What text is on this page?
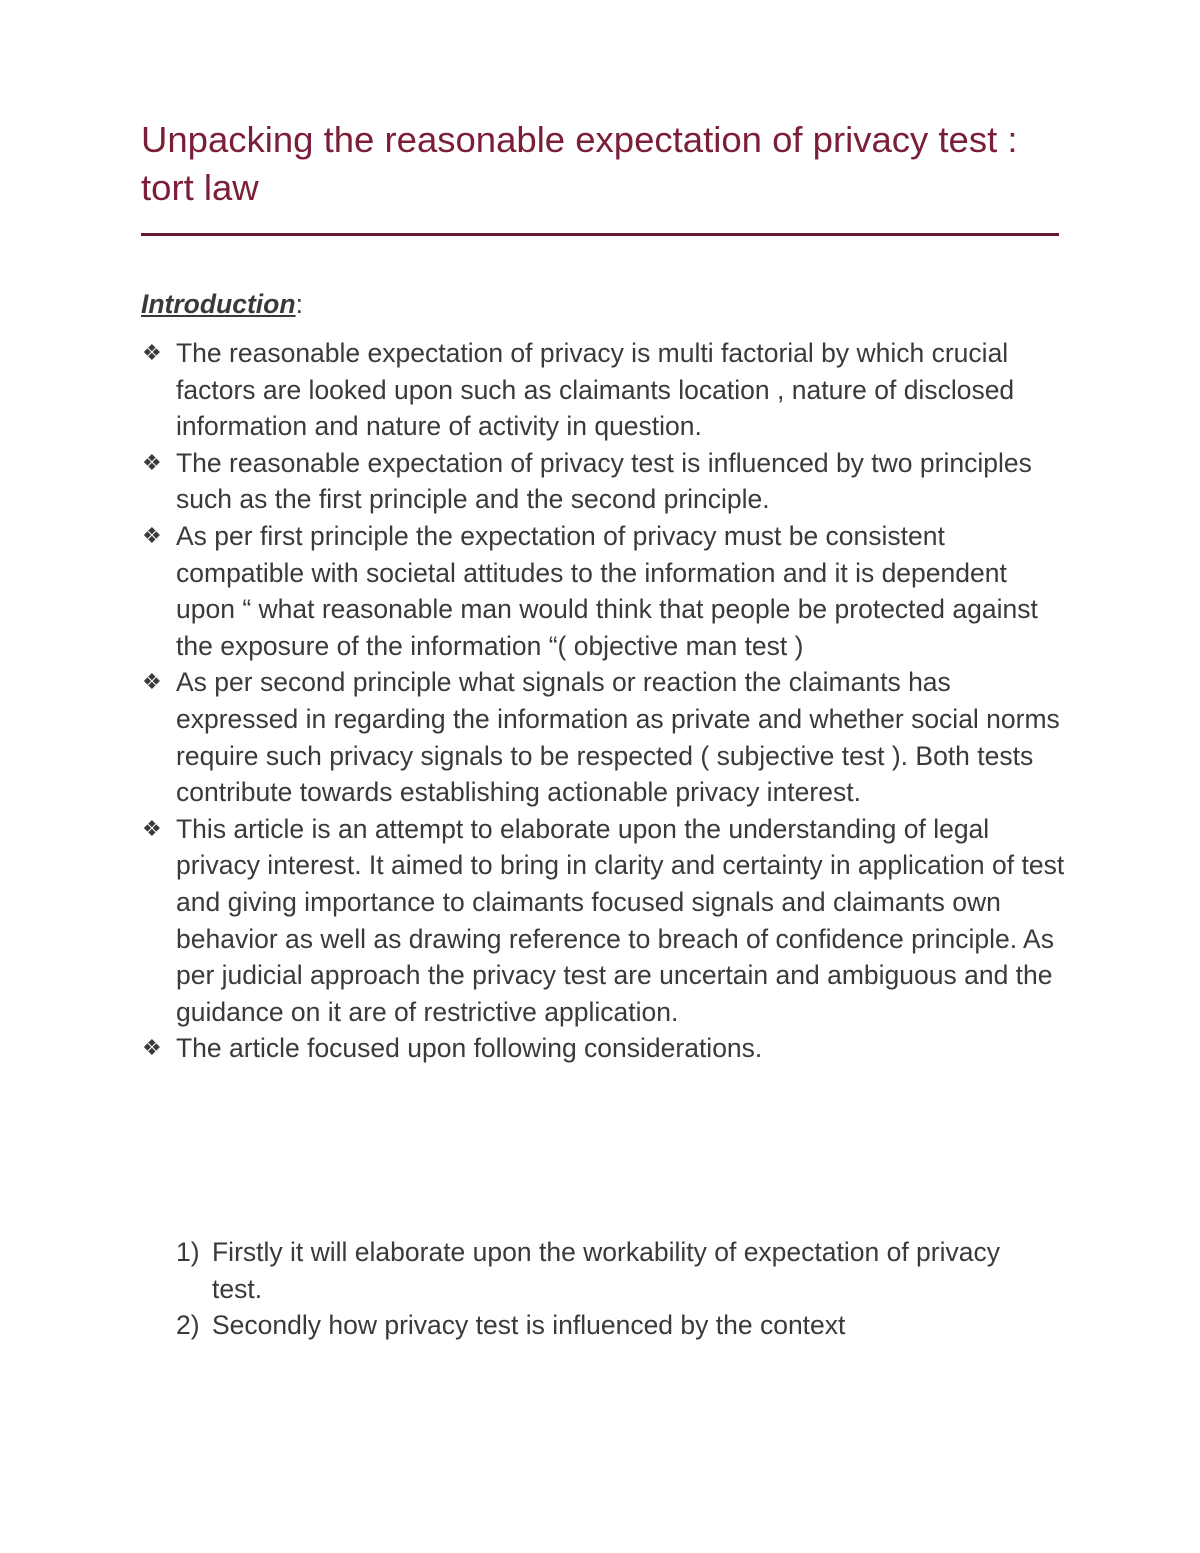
Unpacking the reasonable expectation of privacy test : tort law
Introduction:
❖ The reasonable expectation of privacy is multi factorial by which crucial factors are looked upon such as claimants location , nature of disclosed information and nature of activity in question.
❖ The reasonable expectation of privacy test is influenced by two principles such as the first principle and the second principle.
❖ As per first principle the expectation of privacy must be consistent compatible with societal attitudes to the information and it is dependent upon “ what reasonable man would think that people be protected against the exposure of the information “( objective man test )
❖ As per second principle what signals or reaction the claimants has expressed in regarding the information as private and whether social norms require such privacy signals to be respected ( subjective test ). Both tests contribute towards establishing actionable privacy interest.
❖ This article is an attempt to elaborate upon the understanding of legal privacy interest. It aimed to bring in clarity and certainty in application of test and giving importance to claimants focused signals and claimants own behavior as well as drawing reference to breach of confidence principle. As per judicial approach the privacy test are uncertain and ambiguous and the guidance on it are of restrictive application.
❖ The article focused upon following considerations.
1) Firstly it will elaborate upon the workability of expectation of privacy test.
2) Secondly how privacy test is influenced by the context
